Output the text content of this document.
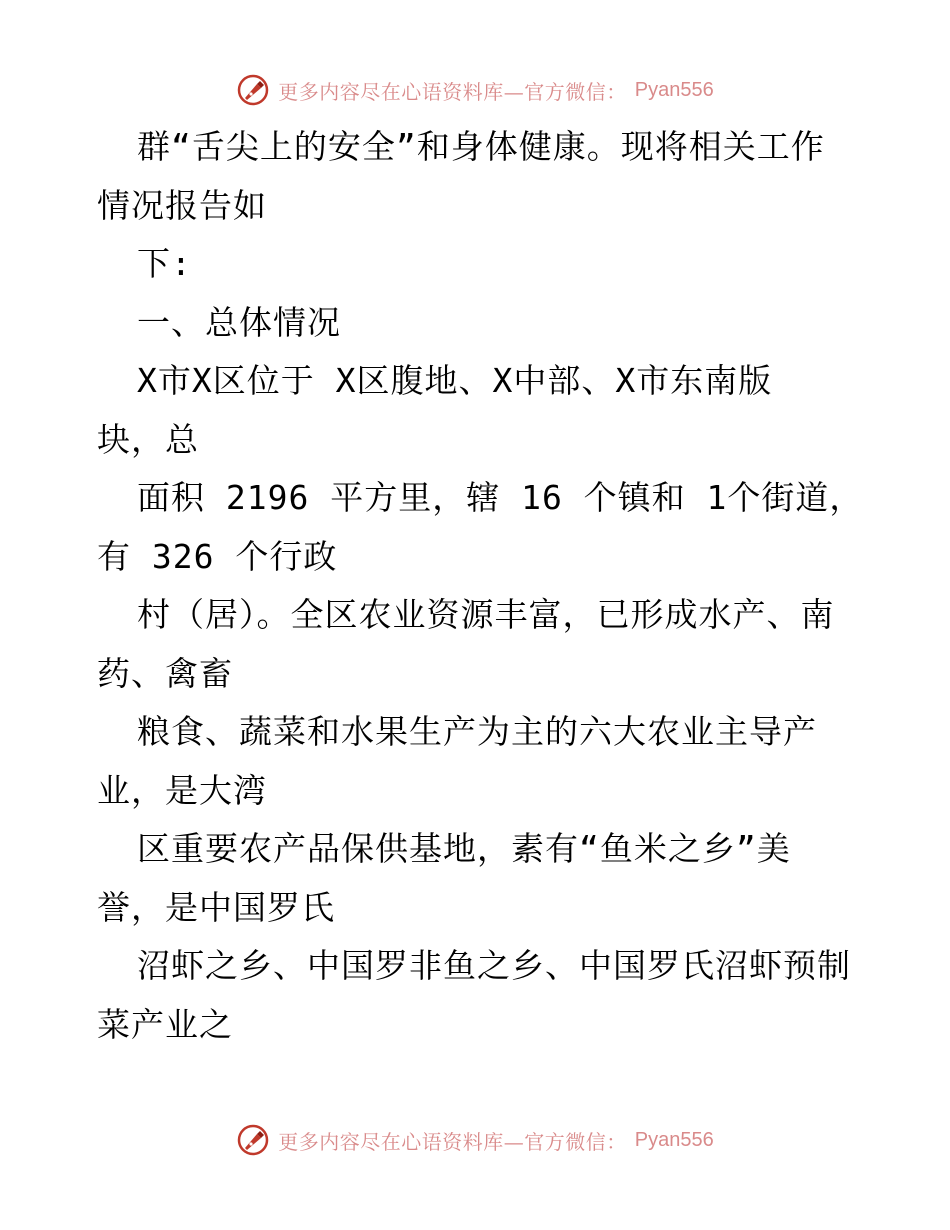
更多内容尽在心语资料库—官方微信： Pyan556
群“舌尖上的安全”和身体健康。现将相关工作
情况报告如
下:
一、总体情况
X市X区位于 X区腹地、X中部、X市东南版
块，总
面积 2196 平方里，辖 16 个镇和 1个街道，
有 326 个行政
村（居）。全区农业资源丰富，已形成水产、南
药、禽畜
粮食、蔬菜和水果生产为主的六大农业主导产
业，是大湾
区重要农产品保供基地，素有“鱼米之乡”美
誉，是中国罗氏
沼虾之乡、中国罗非鱼之乡、中国罗氏沼虾预制
菜产业之
更多内容尽在心语资料库—官方微信： Pyan556
